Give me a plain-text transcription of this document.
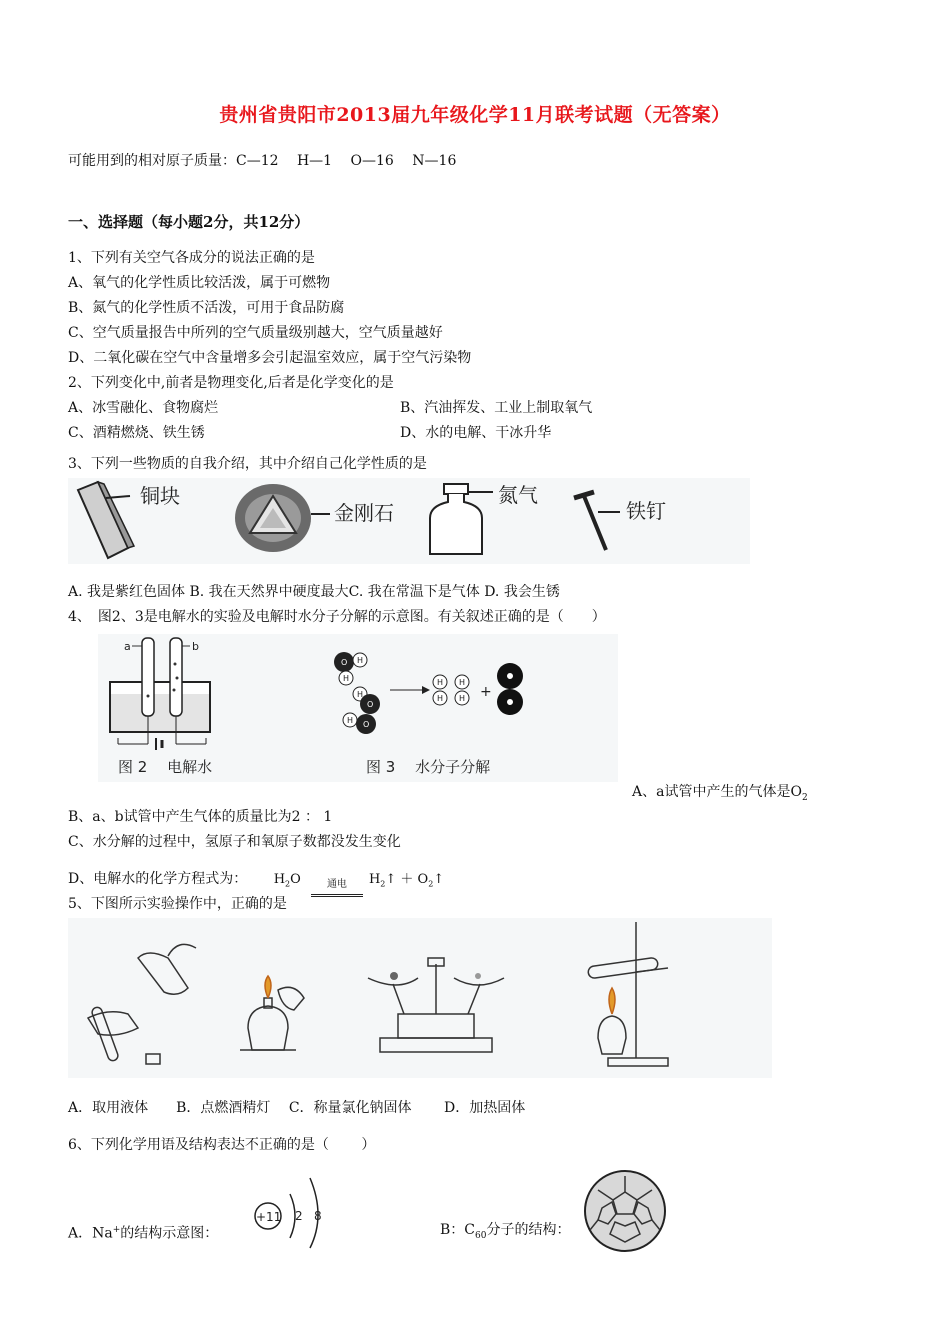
贵州省贵阳市2013届九年级化学11月联考试题（无答案）
可能用到的相对原子质量：C—12　 H—1　 O—16　 N—16
一、选择题（每小题2分，共12分）
1、下列有关空气各成分的说法正确的是
A、氧气的化学性质比较活泼，属于可燃物
B、氮气的化学性质不活泼，可用于食品防腐
C、空气质量报告中所列的空气质量级别越大，空气质量越好
D、二氧化碳在空气中含量增多会引起温室效应，属于空气污染物
2、下列变化中,前者是物理变化,后者是化学变化的是
A、冰雪融化、食物腐烂	B、汽油挥发、工业上制取氧气
C、酒精燃烧、铁生锈	D、水的电解、干冰升华
3、下列一些物质的自我介绍，其中介绍自己化学性质的是
铜块
金刚石
氮气
铁钉
A. 我是紫红色固体 B. 我在天然界中硬度最大C. 我在常温下是气体 D. 我会生锈
4、　图2、3是电解水的实验及电解时水分子分解的示意图。有关叙述正确的是（　　）
a	b
图 2　 电解水
O H
H
H
O
H O
H
H
H
H +
图 3　 水分子分解
A、a试管中产生的气体是$O_2$
B、a、b试管中产生气体的质量比为2 ： 1
C、水分解的过程中，氢原子和氧原子数都没发生变化
D、电解水的化学方程式为： $H_2O$	通电 $H_2↑$ ＋ $O_2↑$
5、下图所示实验操作中，正确的是
A．取用液体　　B．点燃酒精灯　 C．称量氯化钠固体　　 D．加热固体
6、下列化学用语及结构表达不正确的是（　　 ）
A．Na+的结构示意图：
+11 2 8
B：$C_{60}$分子的结构：
